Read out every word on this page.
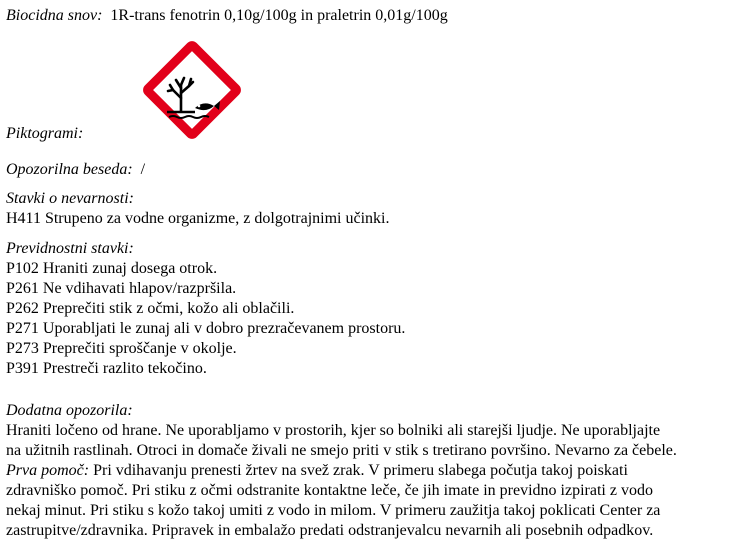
Biocidna snov: 1R-trans fenotrin 0,10g/100g in praletrin 0,01g/100g
Piktogrami:
Opozorilna beseda: /
Stavki o nevarnosti:
H411 Strupeno za vodne organizme, z dolgotrajnimi učinki.
Previdnostni stavki:
P102 Hraniti zunaj dosega otrok.
P261 Ne vdihavati hlapov/razpršila.
P262 Preprečiti stik z očmi, kožo ali oblačili.
P271 Uporabljati le zunaj ali v dobro prezračevanem prostoru.
P273 Preprečiti sproščanje v okolje.
P391 Prestreči razlito tekočino.
Dodatna opozorila:
Hraniti ločeno od hrane. Ne uporabljamo v prostorih, kjer so bolniki ali starejši ljudje. Ne uporabljajte
na užitnih rastlinah. Otroci in domače živali ne smejo priti v stik s tretirano površino. Nevarno za čebele.
Prva pomoč: Pri vdihavanju prenesti žrtev na svež zrak. V primeru slabega počutja takoj poiskati
zdravniško pomoč. Pri stiku z očmi odstranite kontaktne leče, če jih imate in previdno izpirati z vodo
nekaj minut. Pri stiku s kožo takoj umiti z vodo in milom. V primeru zaužitja takoj poklicati Center za
zastrupitve/zdravnika. Pripravek in embalažo predati odstranjevalcu nevarnih ali posebnih odpadkov.
